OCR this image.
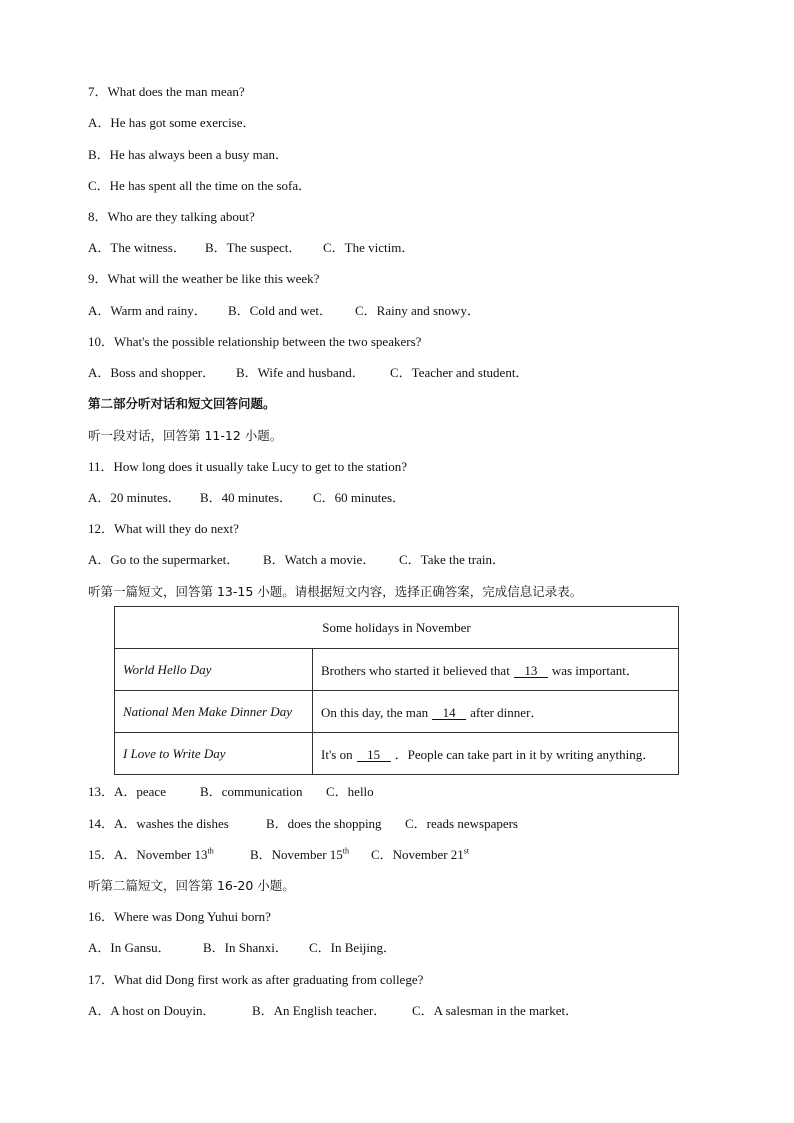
7．What does the man mean?
A．He has got some exercise．
B．He has always been a busy man．
C．He has spent all the time on the sofa．
8．Who are they talking about?
A．The witness． B．The suspect． C．The victim．
9．What will the weather be like this week?
A．Warm and rainy． B．Cold and wet． C．Rainy and snowy．
10．What's the possible relationship between the two speakers?
A．Boss and shopper． B．Wife and husband． C．Teacher and student．
第二部分听对话和短文回答问题。
听一段对话，回答第 11-12 小题。
11．How long does it usually take Lucy to get to the station?
A．20 minutes． B．40 minutes． C．60 minutes．
12．What will they do next?
A．Go to the supermarket． B．Watch a movie． C．Take the train．
听第一篇短文，回答第 13-15 小题。请根据短文内容，选择正确答案，完成信息记录表。
Some holidays in November	
World Hello Day	Brothers who started it believed that 13 was important．
National Men Make Dinner Day	On this day, the man 14 after dinner．
I Love to Write Day	It's on 15 ．People can take part in it by writing anything．
13．A．peace	B．communication C．hello
14．A．washes the dishes	B．does the shopping C．reads newspapers
15．A．November 13th	B．November 15th C．November 21st
听第二篇短文，回答第 16-20 小题。
16．Where was Dong Yuhui born?
A．In Gansu． B．In Shanxi． C．In Beijing．
17．What did Dong first work as after graduating from college?
A．A host on Douyin．	B．An English teacher． C．A salesman in the market．
